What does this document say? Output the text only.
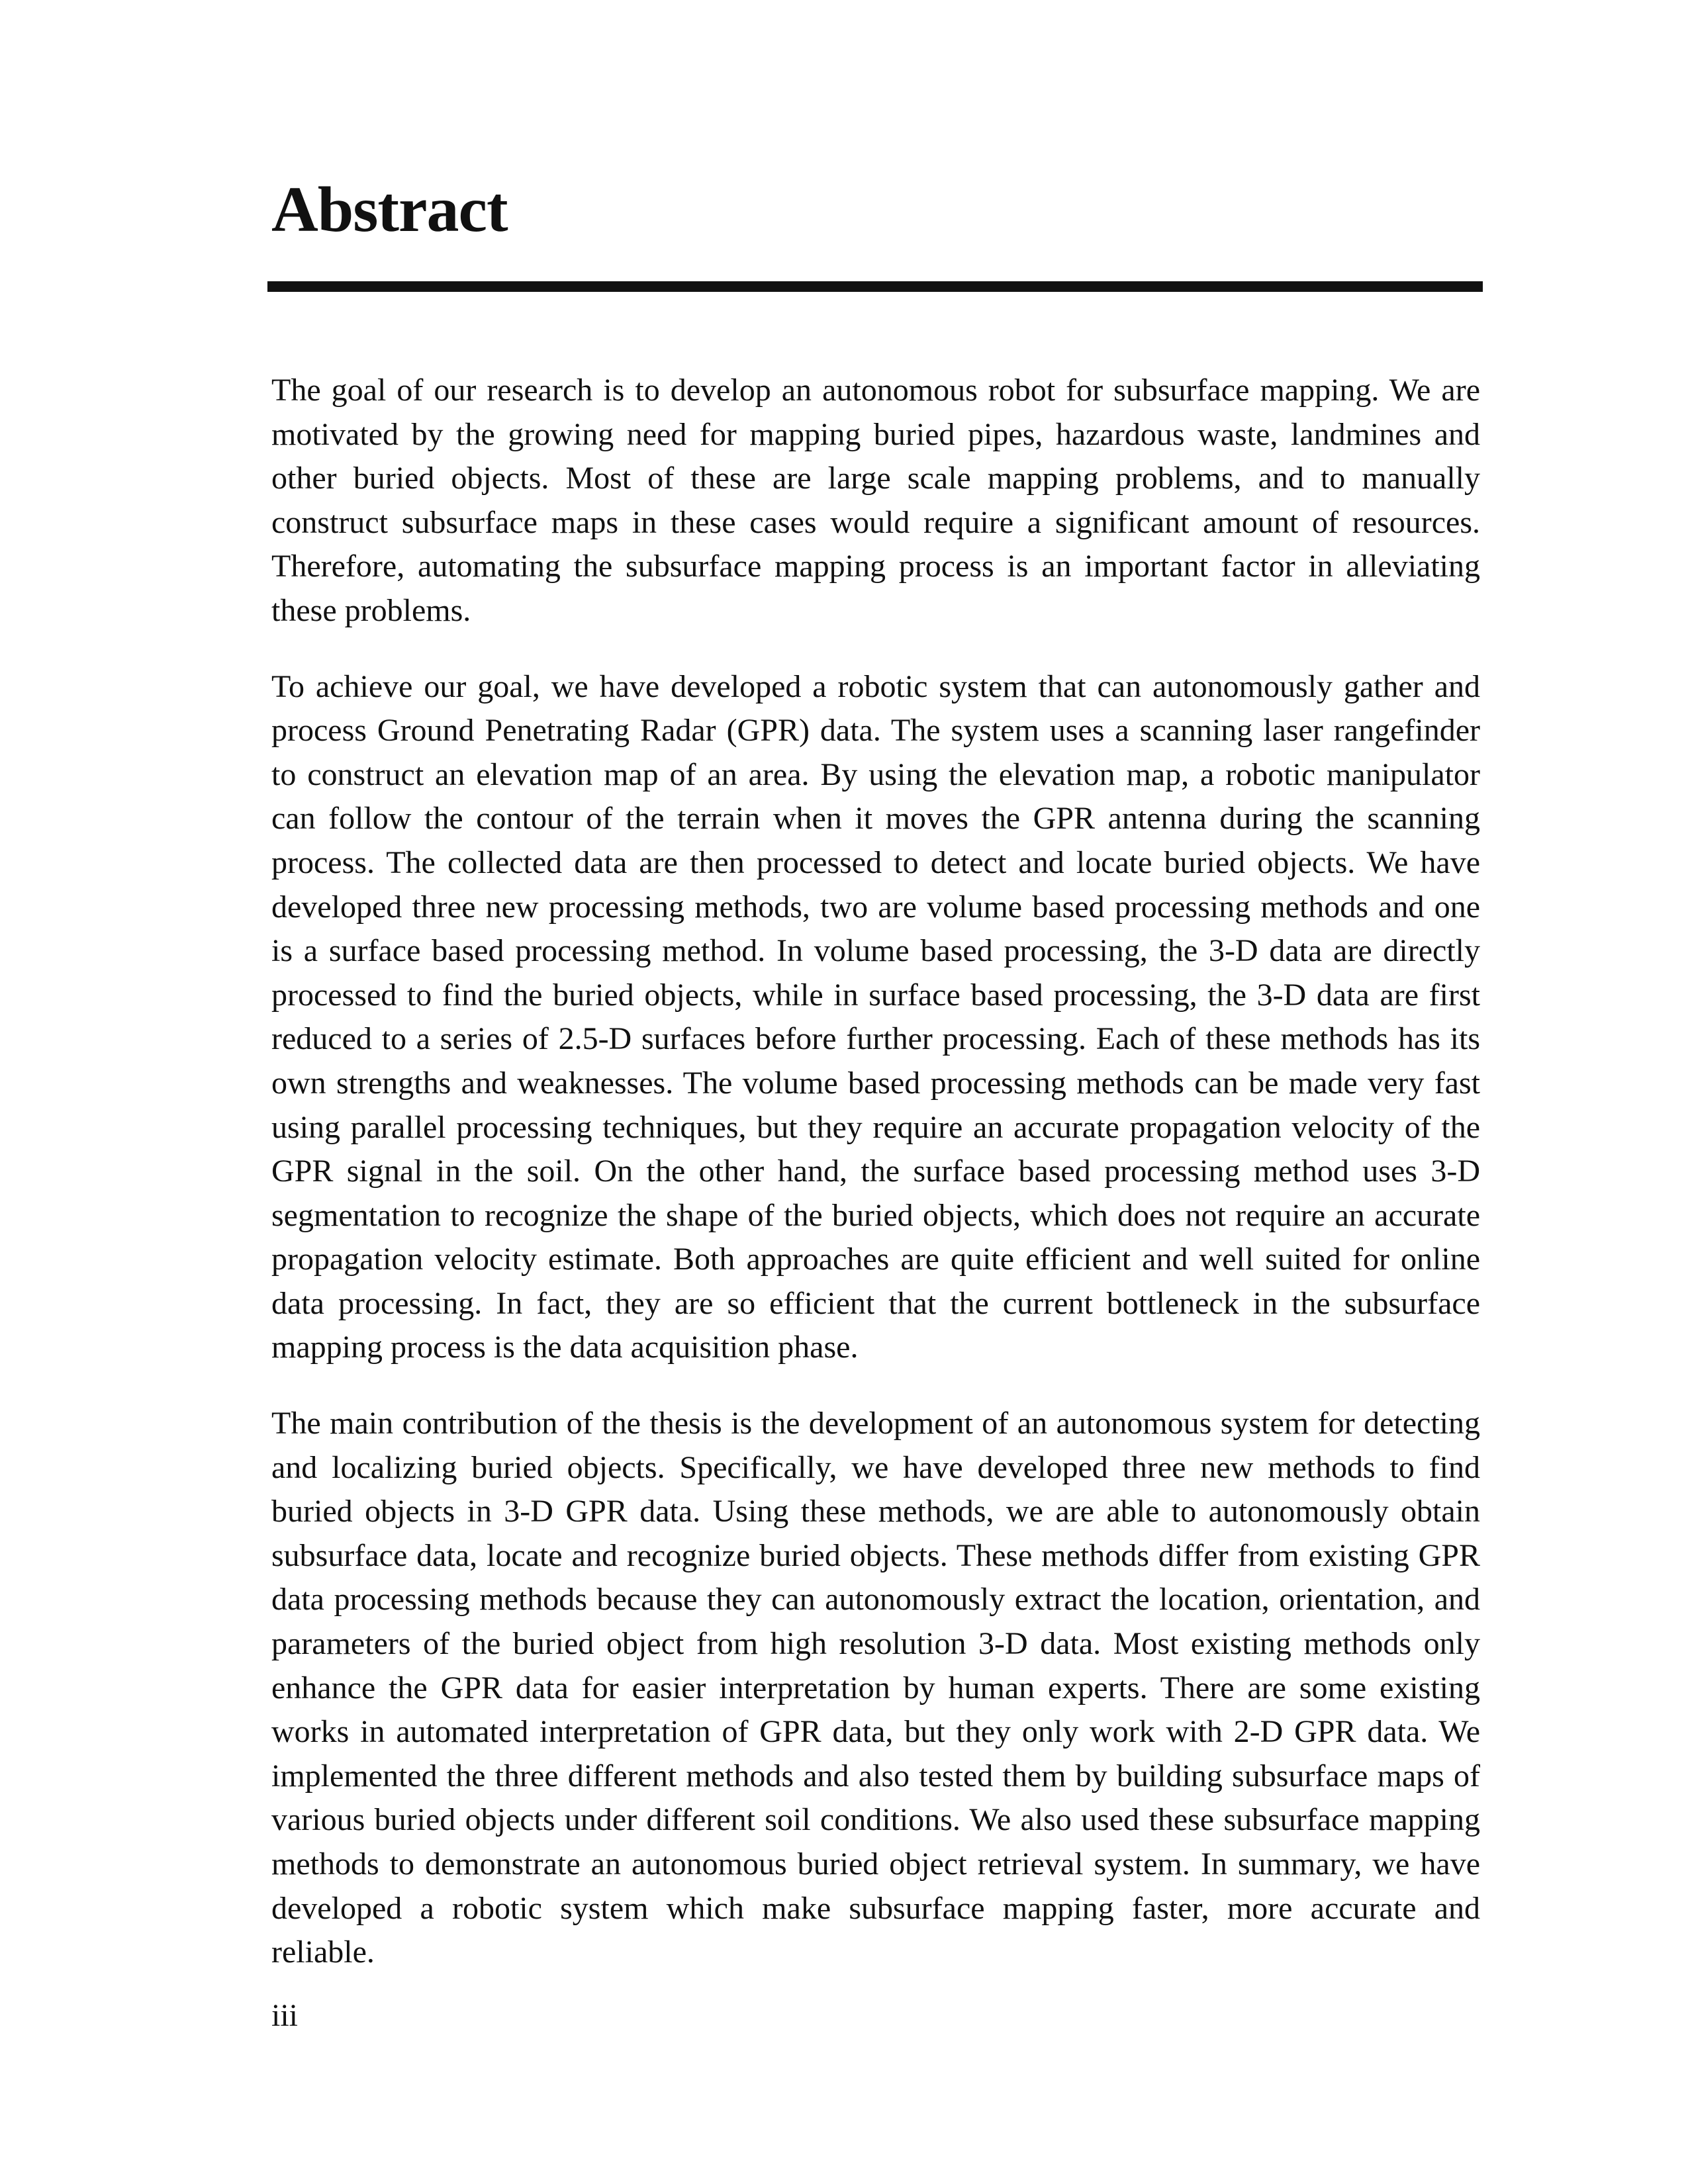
Abstract

The goal of our research is to develop an autonomous robot for subsurface mapping. We are motivated by the growing need for mapping buried pipes, hazardous waste, landmines and other buried objects. Most of these are large scale mapping problems, and to manually construct subsurface maps in these cases would require a significant amount of resources. Therefore, automating the subsurface mapping process is an important factor in alleviating these problems.

To achieve our goal, we have developed a robotic system that can autonomously gather and process Ground Penetrating Radar (GPR) data. The system uses a scanning laser rangefinder to construct an elevation map of an area. By using the elevation map, a robotic manipulator can follow the contour of the terrain when it moves the GPR antenna during the scanning process. The collected data are then processed to detect and locate buried objects. We have developed three new processing methods, two are volume based processing methods and one is a surface based processing method. In volume based processing, the 3-D data are directly processed to find the buried objects, while in surface based processing, the 3-D data are first reduced to a series of 2.5-D surfaces before further processing. Each of these methods has its own strengths and weaknesses. The volume based processing methods can be made very fast using parallel processing techniques, but they require an accurate propagation velocity of the GPR signal in the soil. On the other hand, the surface based processing method uses 3-D segmentation to recognize the shape of the buried objects, which does not require an accurate propagation velocity estimate. Both approaches are quite efficient and well suited for online data processing. In fact, they are so efficient that the current bottleneck in the subsurface mapping process is the data acquisition phase.

The main contribution of the thesis is the development of an autonomous system for detecting and localizing buried objects. Specifically, we have developed three new methods to find buried objects in 3-D GPR data. Using these methods, we are able to autonomously obtain subsurface data, locate and recognize buried objects. These methods differ from existing GPR data processing methods because they can autonomously extract the location, orientation, and parameters of the buried object from high resolution 3-D data. Most existing methods only enhance the GPR data for easier interpretation by human experts. There are some existing works in automated interpretation of GPR data, but they only work with 2-D GPR data. We implemented the three different methods and also tested them by building subsurface maps of various buried objects under different soil conditions. We also used these subsurface mapping methods to demonstrate an autonomous buried object retrieval system. In summary, we have developed a robotic system which make subsurface mapping faster, more accurate and reliable.

iii
